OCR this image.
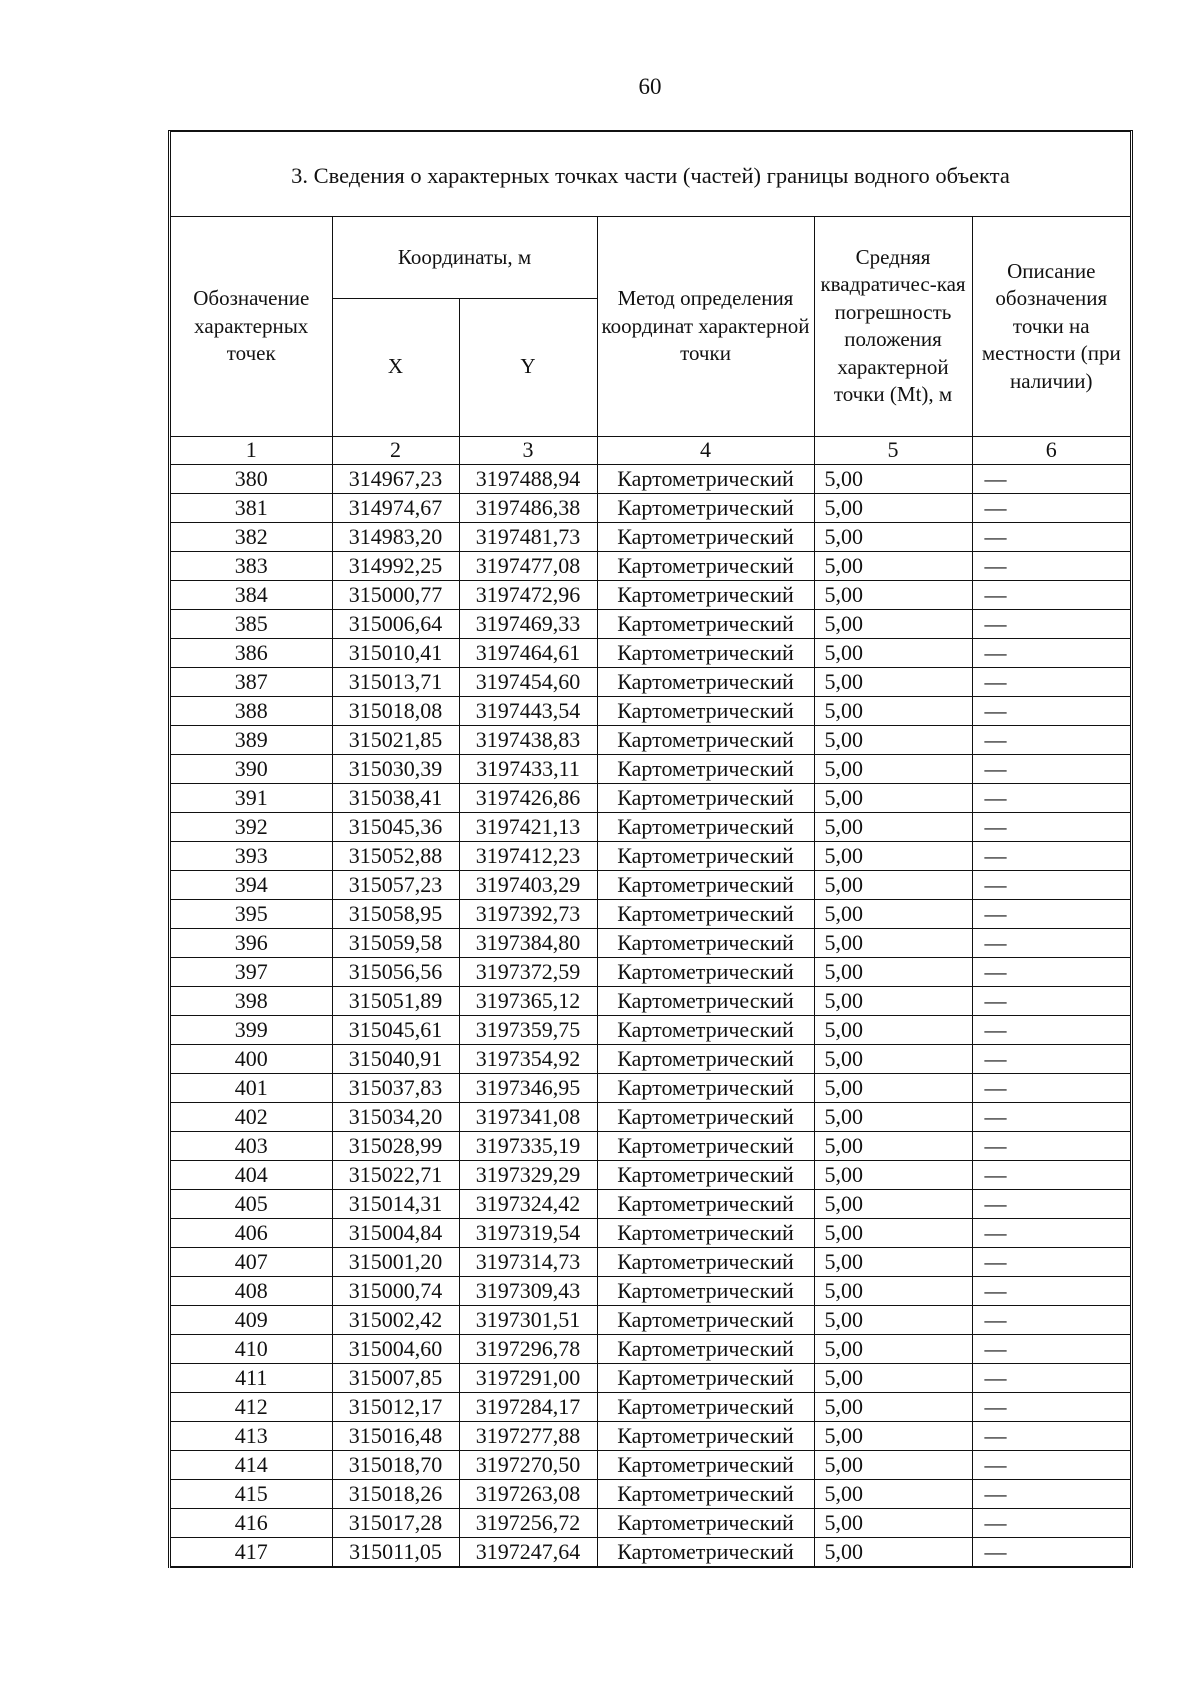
60
3. Сведения о характерных точках части (частей) границы водного объекта
Обозначение характерных точек	Координаты, м		Метод определения координат характерной точки	Средняя квадратичес-кая погрешность положения характерной точки (Mt), м	Описание обозначения точки на местности (при наличии)
	X	Y			
1	2	3	4	5	6
380	314967,23	3197488,94	Картометрический	5,00	—
381	314974,67	3197486,38	Картометрический	5,00	—
382	314983,20	3197481,73	Картометрический	5,00	—
383	314992,25	3197477,08	Картометрический	5,00	—
384	315000,77	3197472,96	Картометрический	5,00	—
385	315006,64	3197469,33	Картометрический	5,00	—
386	315010,41	3197464,61	Картометрический	5,00	—
387	315013,71	3197454,60	Картометрический	5,00	—
388	315018,08	3197443,54	Картометрический	5,00	—
389	315021,85	3197438,83	Картометрический	5,00	—
390	315030,39	3197433,11	Картометрический	5,00	—
391	315038,41	3197426,86	Картометрический	5,00	—
392	315045,36	3197421,13	Картометрический	5,00	—
393	315052,88	3197412,23	Картометрический	5,00	—
394	315057,23	3197403,29	Картометрический	5,00	—
395	315058,95	3197392,73	Картометрический	5,00	—
396	315059,58	3197384,80	Картометрический	5,00	—
397	315056,56	3197372,59	Картометрический	5,00	—
398	315051,89	3197365,12	Картометрический	5,00	—
399	315045,61	3197359,75	Картометрический	5,00	—
400	315040,91	3197354,92	Картометрический	5,00	—
401	315037,83	3197346,95	Картометрический	5,00	—
402	315034,20	3197341,08	Картометрический	5,00	—
403	315028,99	3197335,19	Картометрический	5,00	—
404	315022,71	3197329,29	Картометрический	5,00	—
405	315014,31	3197324,42	Картометрический	5,00	—
406	315004,84	3197319,54	Картометрический	5,00	—
407	315001,20	3197314,73	Картометрический	5,00	—
408	315000,74	3197309,43	Картометрический	5,00	—
409	315002,42	3197301,51	Картометрический	5,00	—
410	315004,60	3197296,78	Картометрический	5,00	—
411	315007,85	3197291,00	Картометрический	5,00	—
412	315012,17	3197284,17	Картометрический	5,00	—
413	315016,48	3197277,88	Картометрический	5,00	—
414	315018,70	3197270,50	Картометрический	5,00	—
415	315018,26	3197263,08	Картометрический	5,00	—
416	315017,28	3197256,72	Картометрический	5,00	—
417	315011,05	3197247,64	Картометрический	5,00	—
